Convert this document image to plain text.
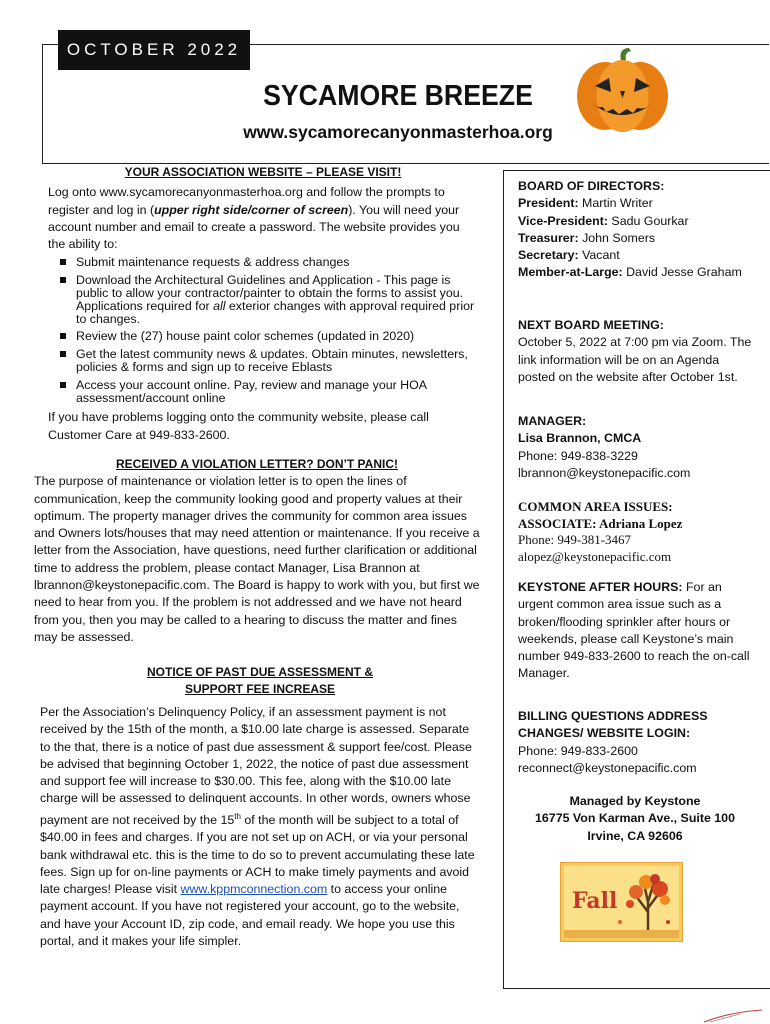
OCTOBER 2022
SYCAMORE BREEZE
www.sycamorecanyonmasterhoa.org
YOUR ASSOCIATION WEBSITE – PLEASE VISIT!
Log onto www.sycamorecanyonmasterhoa.org and follow the prompts to register and log in (upper right side/corner of screen). You will need your account number and email to create a password. The website provides you the ability to:
Submit maintenance requests & address changes
Download the Architectural Guidelines and Application - This page is public to allow your contractor/painter to obtain the forms to assist you. Applications required for all exterior changes with approval required prior to changes.
Review the (27) house paint color schemes (updated in 2020)
Get the latest community news & updates. Obtain minutes, newsletters, policies & forms and sign up to receive Eblasts
Access your account online. Pay, review and manage your HOA assessment/account online
If you have problems logging onto the community website, please call Customer Care at 949-833-2600.
RECEIVED A VIOLATION LETTER? DON’T PANIC!
The purpose of maintenance or violation letter is to open the lines of communication, keep the community looking good and property values at their optimum. The property manager drives the community for common area issues and Owners lots/houses that may need attention or maintenance. If you receive a letter from the Association, have questions, need further clarification or additional time to address the problem, please contact Manager, Lisa Brannon at lbrannon@keystonepacific.com. The Board is happy to work with you, but first we need to hear from you. If the problem is not addressed and we have not heard from you, then you may be called to a hearing to discuss the matter and fines may be assessed.
NOTICE OF PAST DUE ASSESSMENT &
SUPPORT FEE INCREASE
Per the Association’s Delinquency Policy, if an assessment payment is not received by the 15th of the month, a $10.00 late charge is assessed. Separate to the that, there is a notice of past due assessment & support fee/cost. Please be advised that beginning October 1, 2022, the notice of past due assessment and support fee will increase to $30.00. This fee, along with the $10.00 late charge will be assessed to delinquent accounts. In other words, owners whose payment are not received by the 15th of the month will be subject to a total of $40.00 in fees and charges. If you are not set up on ACH, or via your personal bank withdrawal etc. this is the time to do so to prevent accumulating these late fees. Sign up for on-line payments or ACH to make timely payments and avoid late charges! Please visit www.kppmconnection.com to access your online payment account. If you have not registered your account, go to the website, and have your Account ID, zip code, and email ready. We hope you use this portal, and it makes your life simpler.
BOARD OF DIRECTORS:
President: Martin Writer
Vice-President: Sadu Gourkar
Treasurer: John Somers
Secretary: Vacant
Member-at-Large: David Jesse Graham
NEXT BOARD MEETING:
October 5, 2022 at 7:00 pm via Zoom. The link information will be on an Agenda posted on the website after October 1st.
MANAGER:
Lisa Brannon, CMCA
Phone: 949-838-3229
lbrannon@keystonepacific.com
COMMON AREA ISSUES:
ASSOCIATE: Adriana Lopez
Phone: 949-381-3467
alopez@keystonepacific.com
KEYSTONE AFTER HOURS: For an urgent common area issue such as a broken/flooding sprinkler after hours or weekends, please call Keystone’s main number 949-833-2600 to reach the on-call Manager.
BILLING QUESTIONS ADDRESS CHANGES/ WEBSITE LOGIN:
Phone: 949-833-2600
reconnect@keystonepacific.com
Managed by Keystone
16775 Von Karman Ave., Suite 100
Irvine, CA 92606
Fall
